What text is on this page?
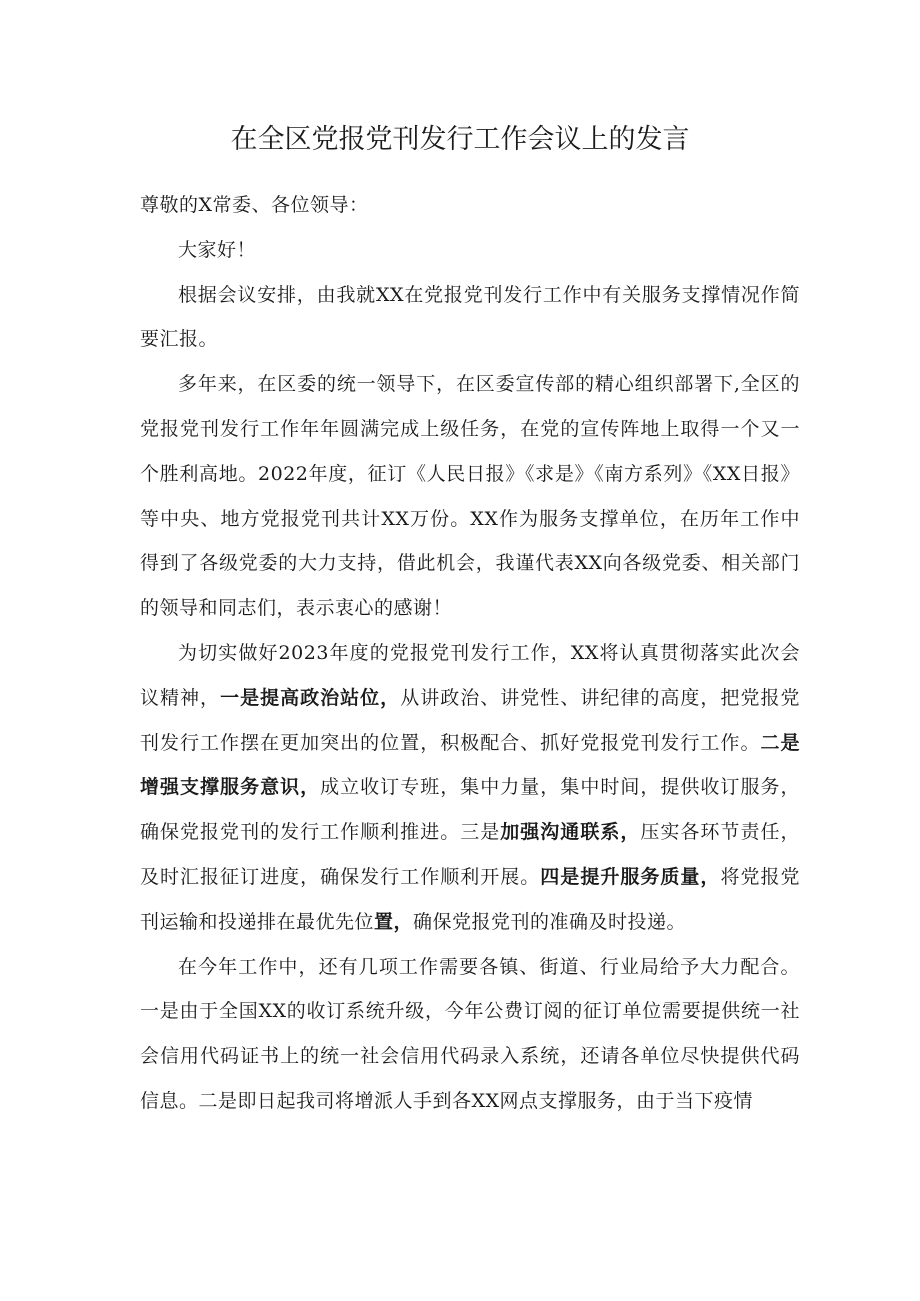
在全区党报党刊发行工作会议上的发言

尊敬的X常委、各位领导：

大家好！

根据会议安排，由我就XX在党报党刊发行工作中有关服务支撑情况作简要汇报。

多年来，在区委的统一领导下，在区委宣传部的精心组织部署下,全区的党报党刊发行工作年年圆满完成上级任务，在党的宣传阵地上取得一个又一个胜利高地。2022年度，征订《人民日报》《求是》《南方系列》《XX日报》等中央、地方党报党刊共计XX万份。XX作为服务支撑单位，在历年工作中得到了各级党委的大力支持，借此机会，我谨代表XX向各级党委、相关部门的领导和同志们，表示衷心的感谢！

为切实做好2023年度的党报党刊发行工作，XX将认真贯彻落实此次会议精神，一是提高政治站位，从讲政治、讲党性、讲纪律的高度，把党报党刊发行工作摆在更加突出的位置，积极配合、抓好党报党刊发行工作。二是增强支撑服务意识，成立收订专班，集中力量，集中时间，提供收订服务，确保党报党刊的发行工作顺利推进。三是加强沟通联系，压实各环节责任，及时汇报征订进度，确保发行工作顺利开展。四是提升服务质量，将党报党刊运输和投递排在最优先位置，确保党报党刊的准确及时投递。

在今年工作中，还有几项工作需要各镇、街道、行业局给予大力配合。一是由于全国XX的收订系统升级，今年公费订阅的征订单位需要提供统一社会信用代码证书上的统一社会信用代码录入系统，还请各单位尽快提供代码信息。二是即日起我司将增派人手到各XX网点支撑服务，由于当下疫情
